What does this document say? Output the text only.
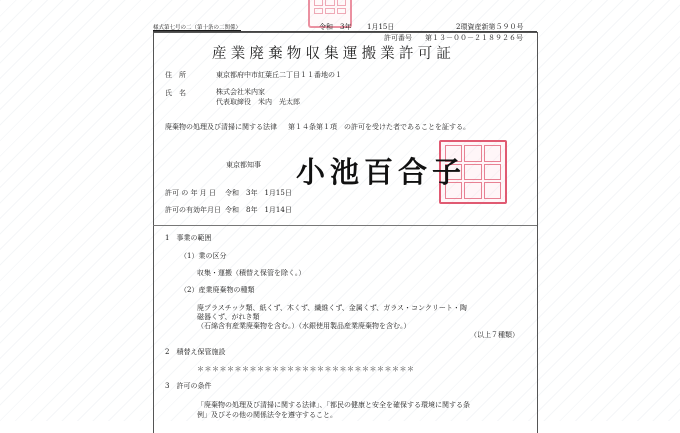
様式第七号の二（第十条の二関係）	令和 3年 1月15日	2環資産新第５９０号
許可番号 第１３－００－２１８９２６号
産業廃棄物収集運搬業許可証
住　所	東京都府中市紅葉丘二丁目１１番地の１
氏　名	株式会社米内家
代表取締役　米内　光太郎
廃棄物の処理及び清掃に関する法律 第１４条第１項 の許可を受けた者であることを証する。
東京都知事 小池百合子
許可 の 年 月 日 令和　3年　1月15日
許可の有効年月日 令和　8年　1月14日
1　事業の範囲
（1）業の区分
収集・運搬（積替え保管を除く。）
（2）産業廃棄物の種類
廃プラスチック類、紙くず、木くず、繊維くず、金属くず、ガラス・コンクリート・陶
磁器くず、がれき類
（石綿含有産業廃棄物を含む。）（水銀使用製品産業廃棄物を含む。）
（以上７種類）
2　積替え保管施設
＊＊＊＊＊＊＊＊＊＊＊＊＊＊＊＊＊＊＊＊＊＊＊＊＊＊＊＊＊
3　許可の条件
「廃棄物の処理及び清掃に関する法律」、「都民の健康と安全を確保する環境に関する条
例」及びその他の関係法令を遵守すること。
